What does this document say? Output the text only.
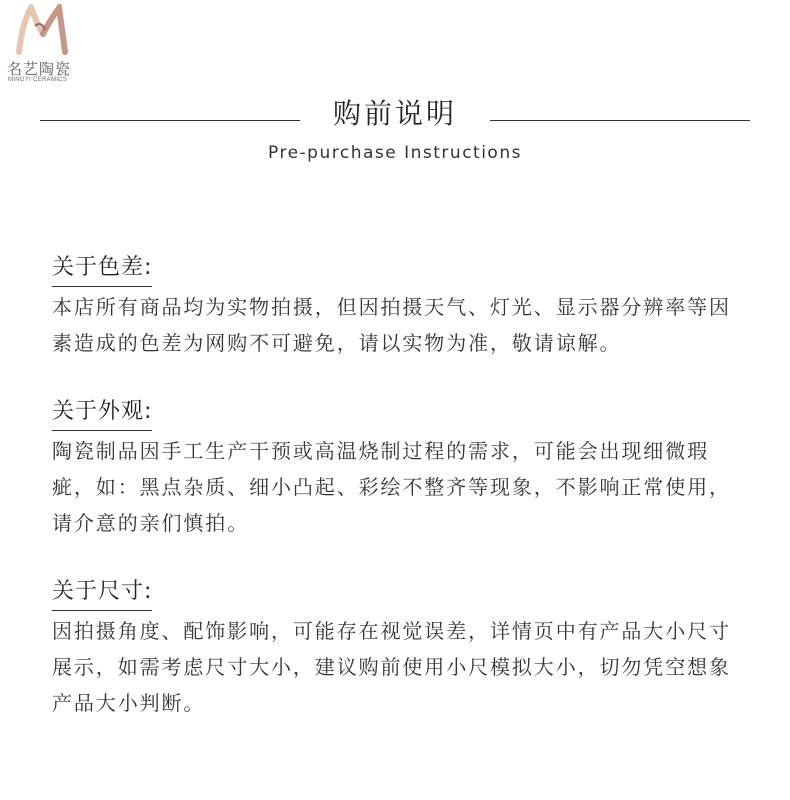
名艺陶瓷
MINGYI CERAMICS
购前说明
Pre-purchase Instructions
关于色差:
本店所有商品均为实物拍摄，但因拍摄天气、灯光、显示器分辨率等因素造成的色差为网购不可避免，请以实物为准，敬请谅解。
关于外观:
陶瓷制品因手工生产干预或高温烧制过程的需求，可能会出现细微瑕疵，如：黑点杂质、细小凸起、彩绘不整齐等现象，不影响正常使用，请介意的亲们慎拍。
关于尺寸:
因拍摄角度、配饰影响，可能存在视觉误差，详情页中有产品大小尺寸展示，如需考虑尺寸大小，建议购前使用小尺模拟大小，切勿凭空想象产品大小判断。
